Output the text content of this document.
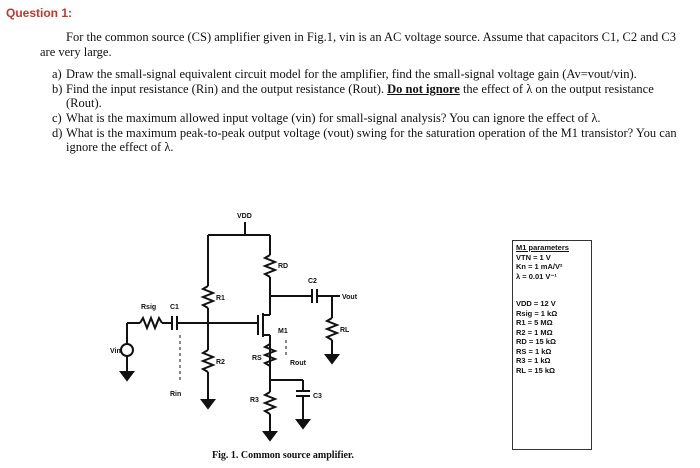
Question 1:

For the common source (CS) amplifier given in Fig.1, vin is an AC voltage source. Assume that capacitors C1, C2 and C3 are very large.

a) Draw the small-signal equivalent circuit model for the amplifier, find the small-signal voltage gain (Av=vout/vin).
b) Find the input resistance (Rin) and the output resistance (Rout). Do not ignore the effect of λ on the output resistance (Rout).
c) What is the maximum allowed input voltage (vin) for small-signal analysis? You can ignore the effect of λ.
d) What is the maximum peak-to-peak output voltage (vout) swing for the saturation operation of the M1 transistor? You can ignore the effect of λ.
VDD
R1
R2
Vin
Rsig C1
Rin
RD
C2
Vout
RL
M1
Rout
RS
C3
R3
M1 parameters
VTN = 1 V
Kn = 1 mA/V²
λ = 0.01 V⁻¹
VDD = 12 V
Rsig = 1 kΩ
R1 = 5 MΩ
R2 = 1 MΩ
RD = 15 kΩ
RS = 1 kΩ
R3 = 1 kΩ
RL = 15 kΩ
Fig. 1. Common source amplifier.
